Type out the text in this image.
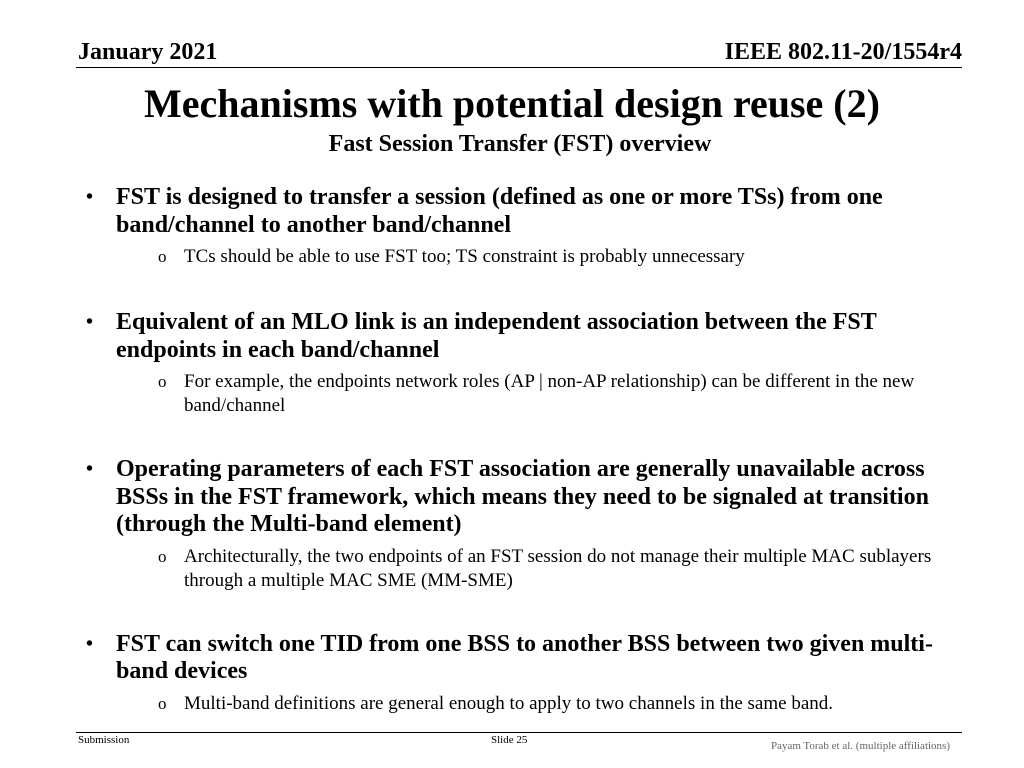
January 2021	IEEE 802.11-20/1554r4
Mechanisms with potential design reuse (2)
Fast Session Transfer (FST) overview
• FST is designed to transfer a session (defined as one or more TSs) from one band/channel to another band/channel
o TCs should be able to use FST too; TS constraint is probably unnecessary
• Equivalent of an MLO link is an independent association between the FST endpoints in each band/channel
o For example, the endpoints network roles (AP | non-AP relationship) can be different in the new band/channel
• Operating parameters of each FST association are generally unavailable across BSSs in the FST framework, which means they need to be signaled at transition (through the Multi-band element)
o Architecturally, the two endpoints of an FST session do not manage their multiple MAC sublayers through a multiple MAC SME (MM-SME)
• FST can switch one TID from one BSS to another BSS between two given multi-band devices
o Multi-band definitions are general enough to apply to two channels in the same band.
Submission	Slide 25	Payam Torab et al. (multiple affiliations)
